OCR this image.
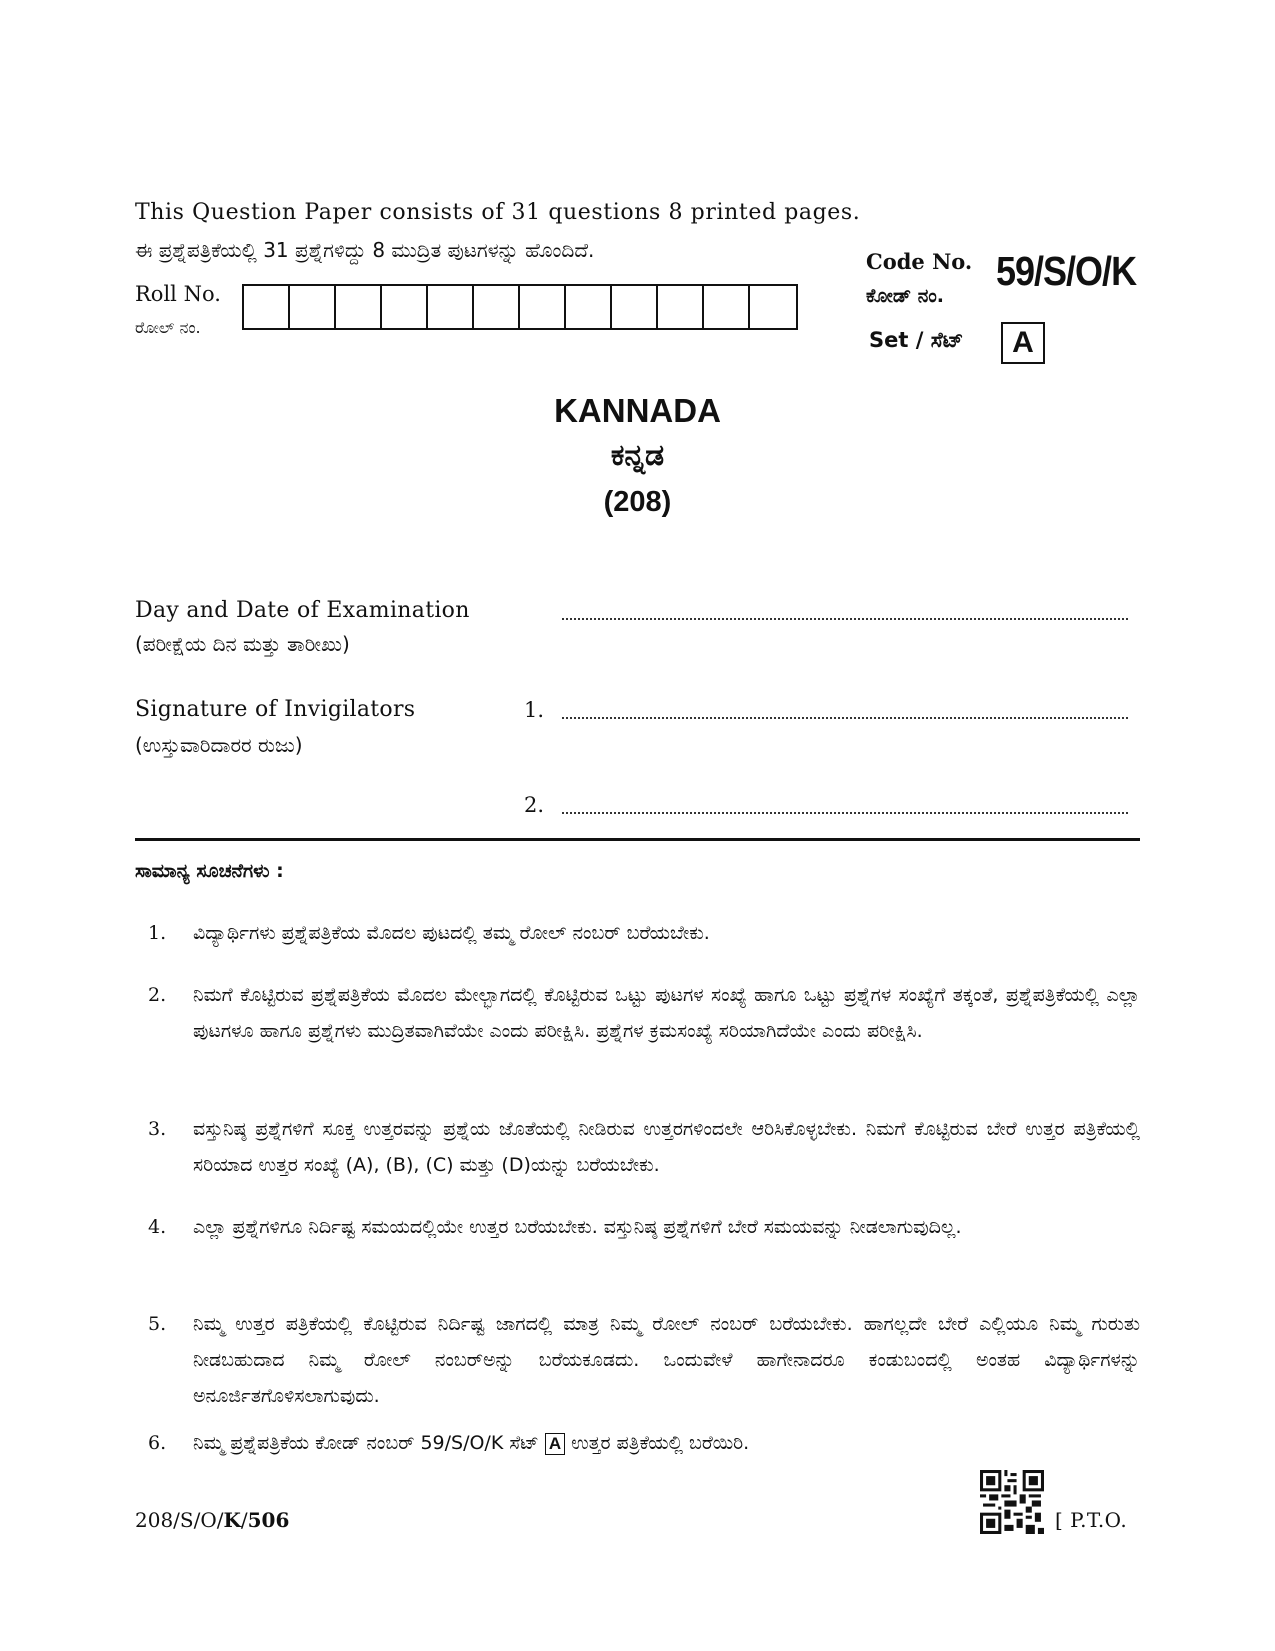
This Question Paper consists of 31 questions 8 printed pages.
ಈ ಪ್ರಶ್ನೆಪತ್ರಿಕೆಯಲ್ಲಿ 31 ಪ್ರಶ್ನೆಗಳಿದ್ದು 8 ಮುದ್ರಿತ ಪುಟಗಳನ್ನು ಹೊಂದಿದೆ.
Roll No.
ರೋಲ್ ನಂ.
Code No.
ಕೋಡ್ ನಂ.
59/S/O/K
Set / ಸೆಟ್	A
KANNADA
ಕನ್ನಡ
(208)
Day and Date of Examination
(ಪರೀಕ್ಷೆಯ ದಿನ ಮತ್ತು ತಾರೀಖು)
Signature of Invigilators
(ಉಸ್ತುವಾರಿದಾರರ ರುಜು)
1.
2.
ಸಾಮಾನ್ಯ ಸೂಚನೆಗಳು :
1. ವಿದ್ಯಾರ್ಥಿಗಳು ಪ್ರಶ್ನೆಪತ್ರಿಕೆಯ ಮೊದಲ ಪುಟದಲ್ಲಿ ತಮ್ಮ ರೋಲ್ ನಂಬರ್ ಬರೆಯಬೇಕು.
2. ನಿಮಗೆ ಕೊಟ್ಟಿರುವ ಪ್ರಶ್ನೆಪತ್ರಿಕೆಯ ಮೊದಲ ಮೇಲ್ಭಾಗದಲ್ಲಿ ಕೊಟ್ಟಿರುವ ಒಟ್ಟು ಪುಟಗಳ ಸಂಖ್ಯೆ ಹಾಗೂ ಒಟ್ಟು ಪ್ರಶ್ನೆಗಳ ಸಂಖ್ಯೆಗೆ ತಕ್ಕಂತೆ, ಪ್ರಶ್ನೆಪತ್ರಿಕೆಯಲ್ಲಿ ಎಲ್ಲಾ ಪುಟಗಳೂ ಹಾಗೂ ಪ್ರಶ್ನೆಗಳು ಮುದ್ರಿತವಾಗಿವೆಯೇ ಎಂದು ಪರೀಕ್ಷಿಸಿ. ಪ್ರಶ್ನೆಗಳ ಕ್ರಮಸಂಖ್ಯೆ ಸರಿಯಾಗಿದೆಯೇ ಎಂದು ಪರೀಕ್ಷಿಸಿ.
3. ವಸ್ತುನಿಷ್ಠ ಪ್ರಶ್ನೆಗಳಿಗೆ ಸೂಕ್ತ ಉತ್ತರವನ್ನು ಪ್ರಶ್ನೆಯ ಜೊತೆಯಲ್ಲಿ ನೀಡಿರುವ ಉತ್ತರಗಳಿಂದಲೇ ಆರಿಸಿಕೊಳ್ಳಬೇಕು. ನಿಮಗೆ ಕೊಟ್ಟಿರುವ ಬೇರೆ ಉತ್ತರ ಪತ್ರಿಕೆಯಲ್ಲಿ ಸರಿಯಾದ ಉತ್ತರ ಸಂಖ್ಯೆ (A), (B), (C) ಮತ್ತು (D)ಯನ್ನು ಬರೆಯಬೇಕು.
4. ಎಲ್ಲಾ ಪ್ರಶ್ನೆಗಳಿಗೂ ನಿರ್ದಿಷ್ಟ ಸಮಯದಲ್ಲಿಯೇ ಉತ್ತರ ಬರೆಯಬೇಕು. ವಸ್ತುನಿಷ್ಠ ಪ್ರಶ್ನೆಗಳಿಗೆ ಬೇರೆ ಸಮಯವನ್ನು ನೀಡಲಾಗುವುದಿಲ್ಲ.
5. ನಿಮ್ಮ ಉತ್ತರ ಪತ್ರಿಕೆಯಲ್ಲಿ ಕೊಟ್ಟಿರುವ ನಿರ್ದಿಷ್ಟ ಜಾಗದಲ್ಲಿ ಮಾತ್ರ ನಿಮ್ಮ ರೋಲ್ ನಂಬರ್ ಬರೆಯಬೇಕು. ಹಾಗಲ್ಲದೇ ಬೇರೆ ಎಲ್ಲಿಯೂ ನಿಮ್ಮ ಗುರುತು ನೀಡಬಹುದಾದ ನಿಮ್ಮ ರೋಲ್ ನಂಬರ್‌ಅನ್ನು ಬರೆಯಕೂಡದು. ಒಂದುವೇಳೆ ಹಾಗೇನಾದರೂ ಕಂಡುಬಂದಲ್ಲಿ ಅಂತಹ ವಿದ್ಯಾರ್ಥಿಗಳನ್ನು ಅನೂರ್ಜಿತಗೊಳಿಸಲಾಗುವುದು.
6. ನಿಮ್ಮ ಪ್ರಶ್ನೆಪತ್ರಿಕೆಯ ಕೋಡ್ ನಂಬರ್ 59/S/O/K ಸೆಟ್ A ಉತ್ತರ ಪತ್ರಿಕೆಯಲ್ಲಿ ಬರೆಯಿರಿ.
208/S/O/K/506	[ P.T.O.
